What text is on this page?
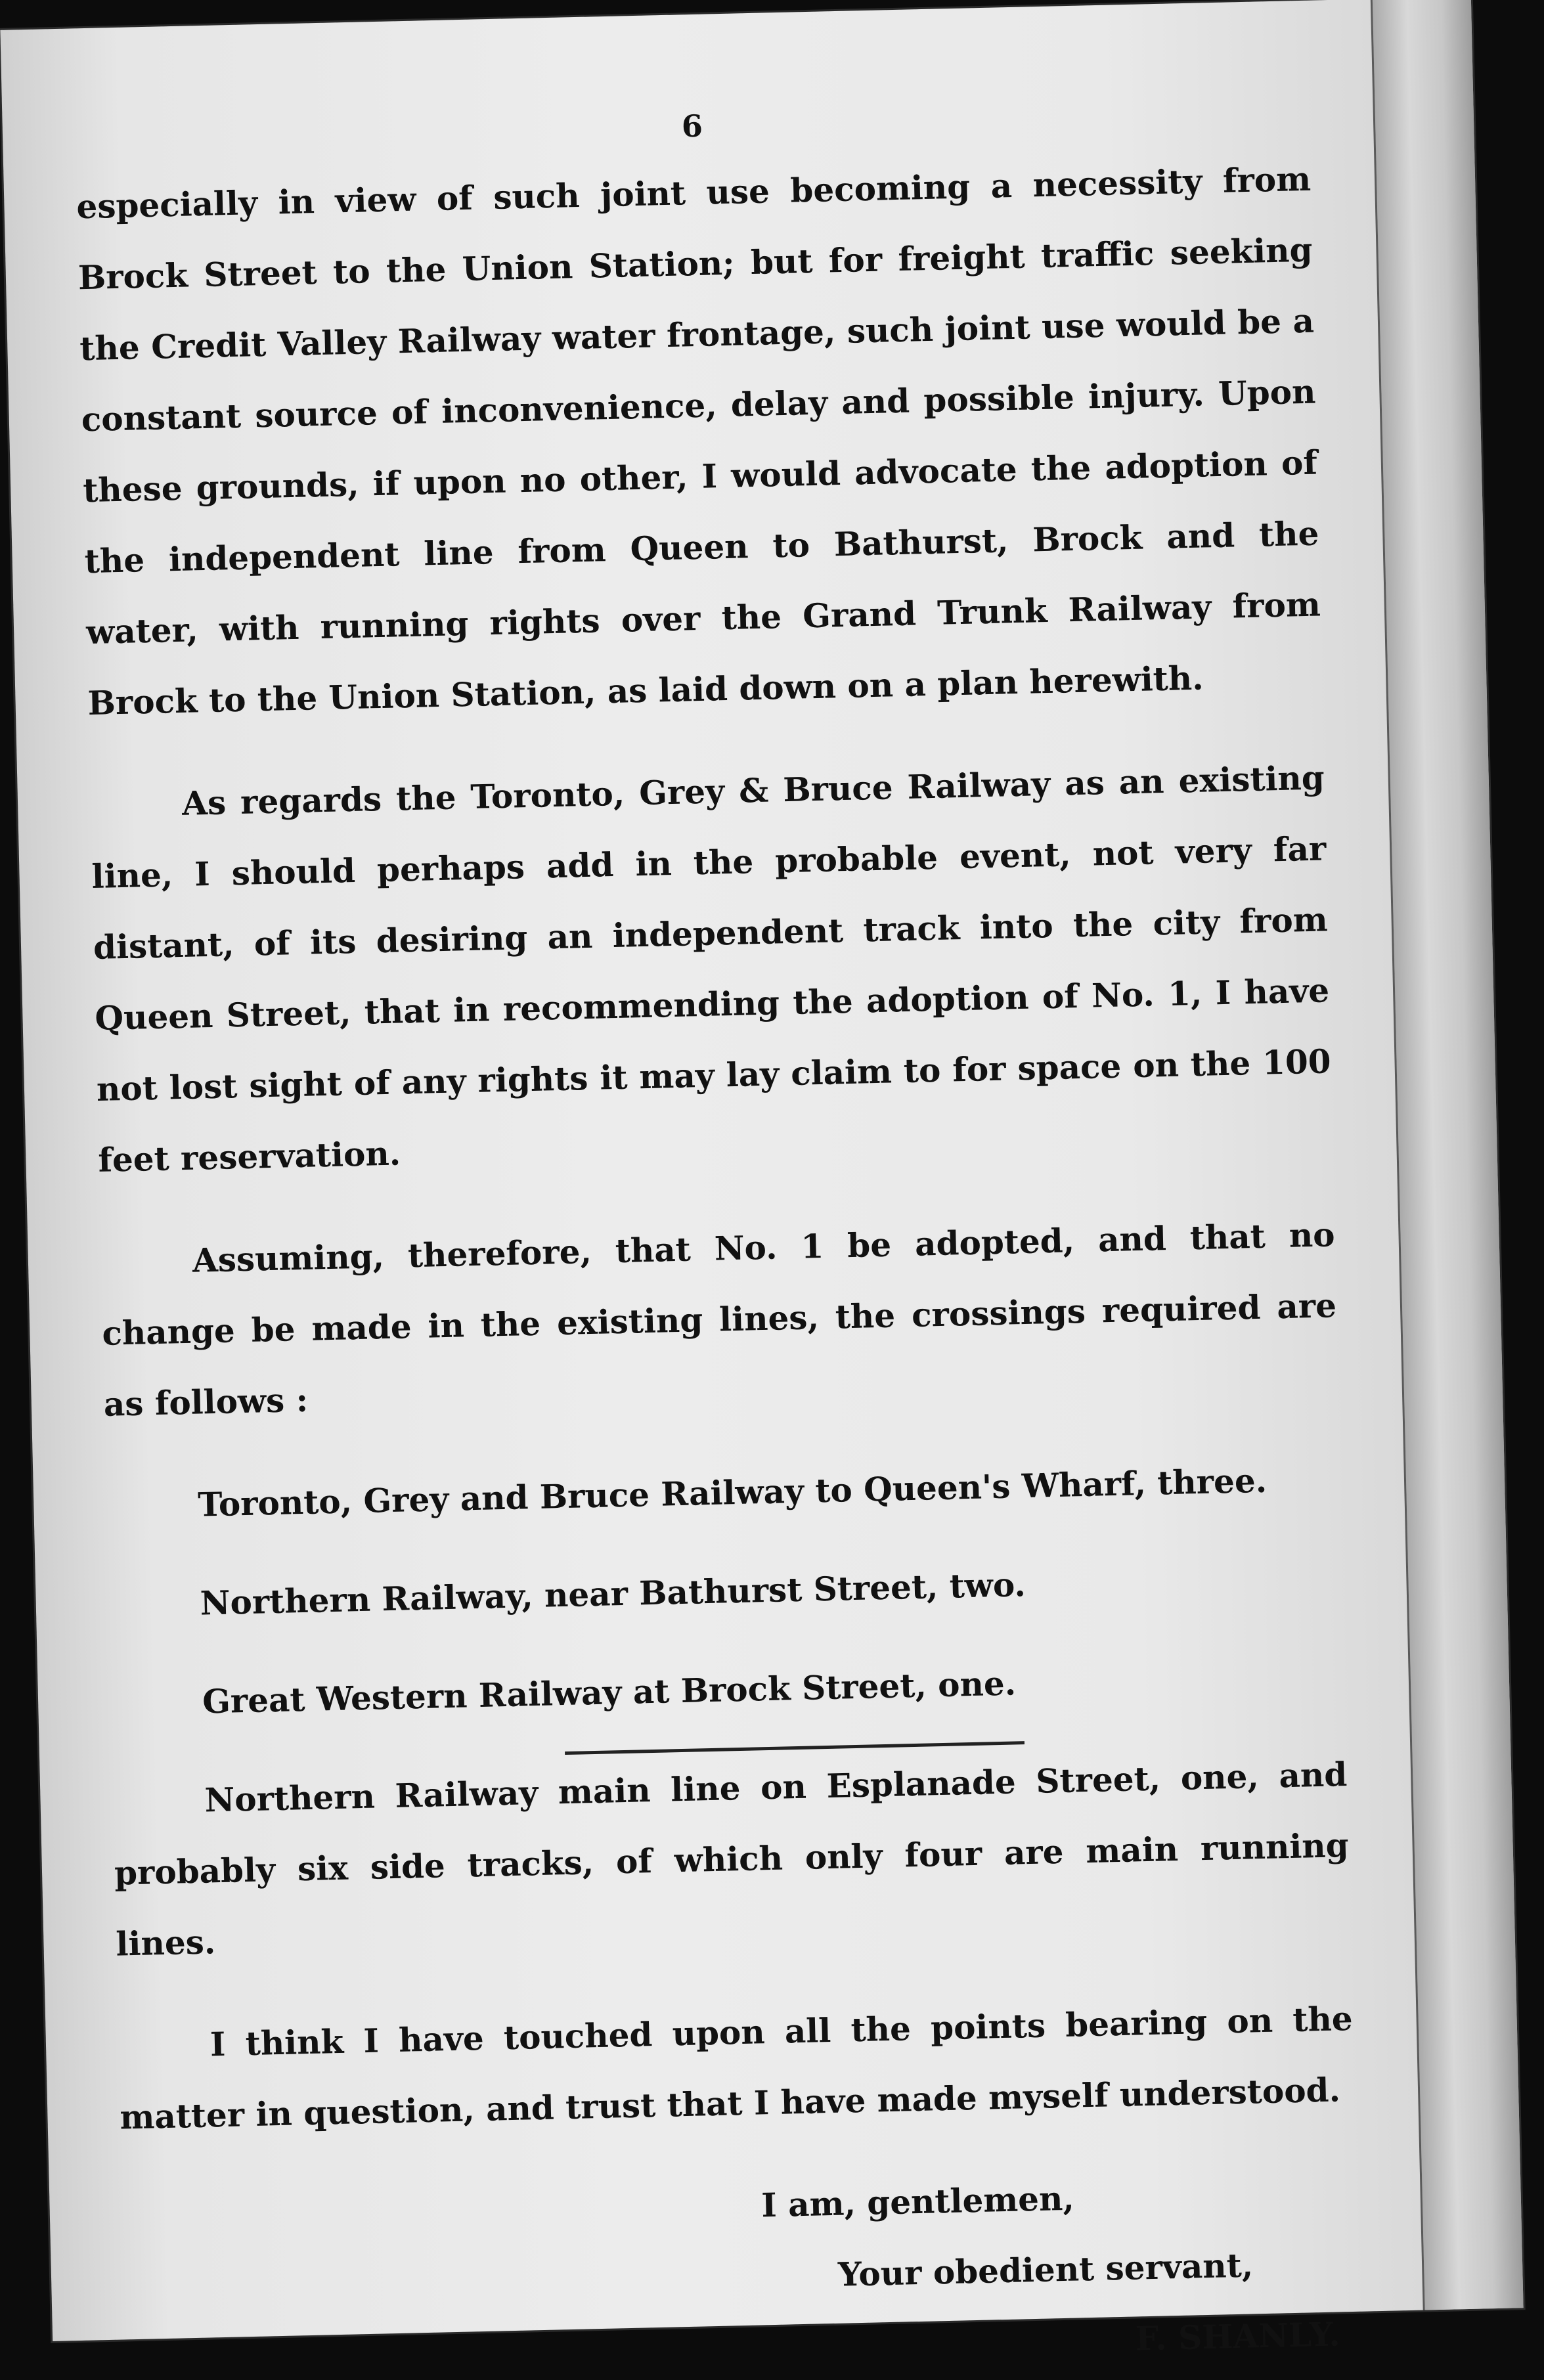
6

especially in view of such joint use becoming a necessity from Brock Street to the Union Station; but for freight traffic seeking the Credit Valley Railway water frontage, such joint use would be a constant source of inconvenience, delay and possible injury. Upon these grounds, if upon no other, I would advocate the adoption of the independent line from Queen to Bathurst, Brock and the water, with running rights over the Grand Trunk Railway from Brock to the Union Station, as laid down on a plan herewith.

As regards the Toronto, Grey & Bruce Railway as an existing line, I should perhaps add in the probable event, not very far distant, of its desiring an independent track into the city from Queen Street, that in recommending the adoption of No. 1, I have not lost sight of any rights it may lay claim to for space on the 100 feet reservation.

Assuming, therefore, that No. 1 be adopted, and that no change be made in the existing lines, the crossings required are as follows :

Toronto, Grey and Bruce Railway to Queen's Wharf, three.

Northern Railway, near Bathurst Street, two.

Great Western Railway at Brock Street, one.

Northern Railway main line on Esplanade Street, one, and probably six side tracks, of which only four are main running lines.

I think I have touched upon all the points bearing on the matter in question, and trust that I have made myself understood.

I am, gentlemen,

Your obedient servant,

F. SHANLY.
